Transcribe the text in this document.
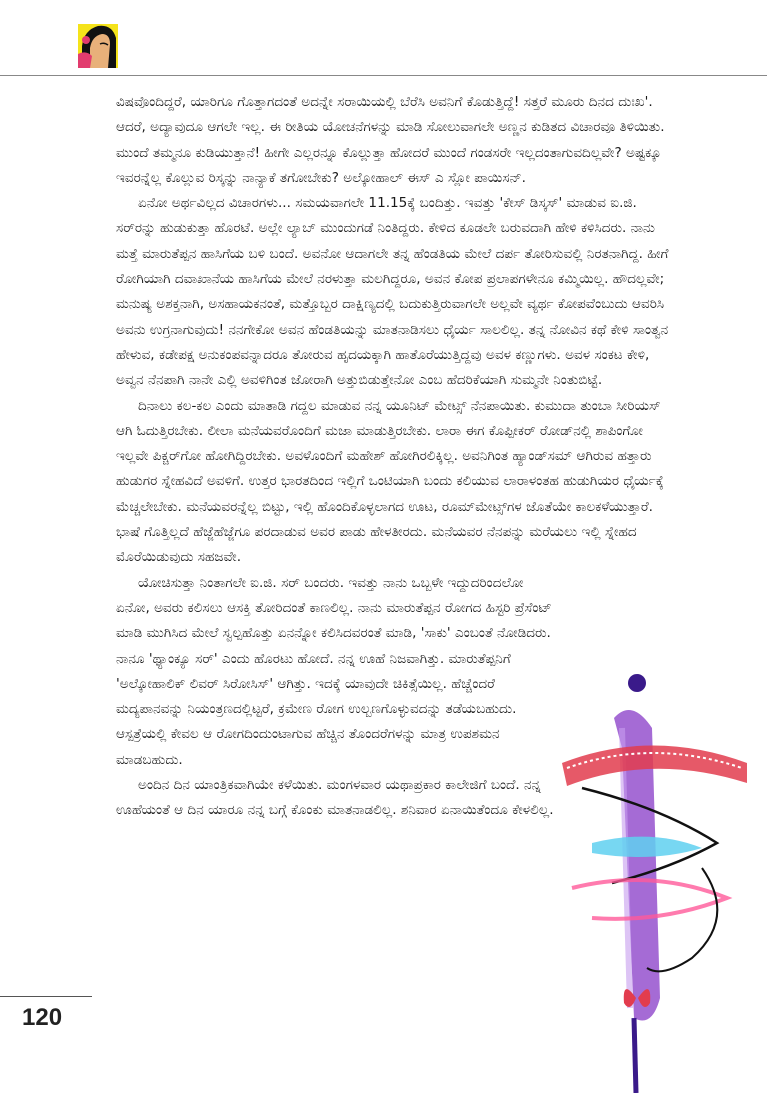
ವಿಷವೊಂದಿದ್ದರೆ, ಯಾರಿಗೂ ಗೊತ್ತಾಗದಂತೆ ಅದನ್ನೇ ಸರಾಯಿಯಲ್ಲಿ ಬೆರೆಸಿ ಅವನಿಗೆ ಕೊಡುತ್ತಿದ್ದೆ! ಸತ್ತರೆ ಮೂರು ದಿನದ ದುಃಖ'. ಆದರೆ, ಅದ್ಯಾವುದೂ ಆಗಲೇ ಇಲ್ಲ. ಈ ರೀತಿಯ ಯೋಚನೆಗಳನ್ನು ಮಾಡಿ ಸೋಲುವಾಗಲೇ ಅಣ್ಣನ ಕುಡಿತದ ವಿಚಾರವೂ ತಿಳಿಯಿತು. ಮುಂದೆ ತಮ್ಮನೂ ಕುಡಿಯುತ್ತಾನೆ! ಹೀಗೇ ಎಲ್ಲರನ್ನೂ ಕೊಲ್ಲುತ್ತಾ ಹೋದರೆ ಮುಂದೆ ಗಂಡಸರೇ ಇಲ್ಲದಂತಾಗುವದಿಲ್ಲವೇ? ಅಷ್ಟಕ್ಕೂ ಇವರನ್ನೆಲ್ಲ ಕೊಲ್ಲುವ ರಿಸ್ಕನ್ನು ನಾನ್ಯಾಕೆ ತಗೋಬೇಕು? ಅಲ್ಕೋಹಾಲ್ ಈಸ್ ಎ ಸ್ಲೋ ಪಾಯಿಸನ್.

ಏನೋ ಅರ್ಥವಿಲ್ಲದ ವಿಚಾರಗಳು... ಸಮಯವಾಗಲೇ 11.15ಕ್ಕೆ ಬಂದಿತ್ತು. ಇವತ್ತು 'ಕೇಸ್ ಡಿಸ್ಕಸ್' ಮಾಡುವ ಐ.ಜಿ. ಸರ್‌ರನ್ನು ಹುಡುಕುತ್ತಾ ಹೊರಟೆ. ಅಲ್ಲೇ ಲ್ಯಾಬ್ ಮುಂದುಗಡೆ ನಿಂತಿದ್ದರು. ಕೇಳಿದ ಕೂಡಲೇ ಬರುವದಾಗಿ ಹೇಳಿ ಕಳಿಸಿದರು. ನಾನು ಮತ್ತೆ ಮಾರುತೆಪ್ಪನ ಹಾಸಿಗೆಯ ಬಳಿ ಬಂದೆ. ಅವನೋ ಆದಾಗಲೇ ತನ್ನ ಹೆಂಡತಿಯ ಮೇಲೆ ದರ್ಪ ತೋರಿಸುವಲ್ಲಿ ನಿರತನಾಗಿದ್ದ. ಹೀಗೆ ರೋಗಿಯಾಗಿ ದವಾಖಾನೆಯ ಹಾಸಿಗೆಯ ಮೇಲೆ ನರಳುತ್ತಾ ಮಲಗಿದ್ದರೂ, ಅವನ ಕೋಪ ಪ್ರಲಾಪಗಳೇನೂ ಕಮ್ಮಿಯಿಲ್ಲ. ಹೌದಲ್ಲವೇ; ಮನುಷ್ಯ ಅಶಕ್ತನಾಗಿ, ಅಸಹಾಯಕನಂತೆ, ಮತ್ತೊಬ್ಬರ ದಾಕ್ಷಿಣ್ಯದಲ್ಲಿ ಬದುಕುತ್ತಿರುವಾಗಲೇ ಅಲ್ಲವೇ ವ್ಯರ್ಥ ಕೋಪವೆಂಬುದು ಆವರಿಸಿ ಅವನು ಉಗ್ರನಾಗುವುದು! ನನಗೇಕೋ ಅವನ ಹೆಂಡತಿಯನ್ನು ಮಾತನಾಡಿಸಲು ಧೈರ್ಯ ಸಾಲಲಿಲ್ಲ. ತನ್ನ ನೋವಿನ ಕಥೆ ಕೇಳಿ ಸಾಂತ್ವನ ಹೇಳುವ, ಕಡೇಪಕ್ಷ ಅನುಕಂಪವನ್ನಾದರೂ ತೋರುವ ಹೃದಯಕ್ಕಾಗಿ ಹಾತೊರೆಯುತ್ತಿದ್ದವು ಅವಳ ಕಣ್ಣುಗಳು. ಅವಳ ಸಂಕಟ ಕೇಳಿ, ಅವ್ವನ ನೆನಪಾಗಿ ನಾನೇ ಎಲ್ಲಿ ಅವಳಿಗಿಂತ ಜೋರಾಗಿ ಅತ್ತುಬಿಡುತ್ತೇನೋ ಎಂಬ ಹೆದರಿಕೆಯಾಗಿ ಸುಮ್ಮನೇ ನಿಂತುಬಿಟ್ಟೆ.

ದಿನಾಲು ಕಲ-ಕಲ ಎಂದು ಮಾತಾಡಿ ಗದ್ದಲ ಮಾಡುವ ನನ್ನ ಯೂನಿಟ್ ಮೇಟ್ಸ್ ನೆನಪಾಯಿತು. ಕುಮುದಾ ತುಂಬಾ ಸೀರಿಯಸ್ ಆಗಿ ಓದುತ್ತಿರಬೇಕು. ಲೀಲಾ ಮನೆಯವರೊಂದಿಗೆ ಮಜಾ ಮಾಡುತ್ತಿರಬೇಕು. ಲಾರಾ ಈಗ ಕೊಪ್ಪೀಕರ್ ರೋಡ್‌ನಲ್ಲಿ ಶಾಪಿಂಗೋ ಇಲ್ಲವೇ ಪಿಕ್ಚರ್‌ಗೋ ಹೋಗಿದ್ದಿರಬೇಕು. ಅವಳೊಂದಿಗೆ ಮಹೇಶ್ ಹೋಗಿರಲಿಕ್ಕಿಲ್ಲ. ಅವನಿಗಿಂತ ಹ್ಯಾಂಡ್‌ಸಮ್ ಆಗಿರುವ ಹತ್ತಾರು ಹುಡುಗರ ಸ್ನೇಹವಿದೆ ಅವಳಿಗೆ. ಉತ್ತರ ಭಾರತದಿಂದ ಇಲ್ಲಿಗೆ ಒಂಟಿಯಾಗಿ ಬಂದು ಕಲಿಯುವ ಲಾರಾಳಂತಹ ಹುಡುಗಿಯರ ಧೈರ್ಯಕ್ಕೆ ಮೆಚ್ಚಲೇಬೇಕು. ಮನೆಯವರನ್ನೆಲ್ಲ ಬಿಟ್ಟು, ಇಲ್ಲಿ ಹೊಂದಿಕೊಳ್ಳಲಾಗದ ಊಟ, ರೂಮ್‌ಮೇಟ್ಸ್‌ಗಳ ಜೊತೆಯೇ ಕಾಲಕಳೆಯುತ್ತಾರೆ. ಭಾಷೆ ಗೊತ್ತಿಲ್ಲದೆ ಹೆಜ್ಜೆಹೆಜ್ಜೆಗೂ ಪರದಾಡುವ ಅವರ ಪಾಡು ಹೇಳತೀರದು. ಮನೆಯವರ ನೆನಪನ್ನು ಮರೆಯಲು ಇಲ್ಲಿ ಸ್ನೇಹದ ಮೊರೆಯಿಡುವುದು ಸಹಜವೇ.

ಯೋಚಿಸುತ್ತಾ ನಿಂತಾಗಲೇ ಐ.ಜಿ. ಸರ್ ಬಂದರು. ಇವತ್ತು ನಾನು ಒಬ್ಬಳೇ ಇದ್ದುದರಿಂದಲೋ ಏನೋ, ಅವರು ಕಲಿಸಲು ಆಸಕ್ತಿ ತೋರಿದಂತೆ ಕಾಣಲಿಲ್ಲ. ನಾನು ಮಾರುತೆಪ್ಪನ ರೋಗದ ಹಿಸ್ಟರಿ ಪ್ರೆಸೆಂಟ್ ಮಾಡಿ ಮುಗಿಸಿದ ಮೇಲೆ ಸ್ವಲ್ಪಹೊತ್ತು ಏನನ್ನೋ ಕಲಿಸಿದವರಂತೆ ಮಾಡಿ, 'ಸಾಕು' ಎಂಬಂತೆ ನೋಡಿದರು. ನಾನೂ 'ಥ್ಯಾಂಕ್ಯೂ ಸರ್' ಎಂದು ಹೊರಟು ಹೋದೆ. ನನ್ನ ಊಹೆ ನಿಜವಾಗಿತ್ತು. ಮಾರುತೆಪ್ಪನಿಗೆ 'ಅಲ್ಕೋಹಾಲಿಕ್ ಲಿವರ್ ಸಿರೋಸಿಸ್' ಆಗಿತ್ತು. ಇದಕ್ಕೆ ಯಾವುದೇ ಚಿಕಿತ್ಸೆಯಿಲ್ಲ. ಹೆಚ್ಚೆಂದರೆ ಮದ್ಯಪಾನವನ್ನು ನಿಯಂತ್ರಣದಲ್ಲಿಟ್ಟರೆ, ಕ್ರಮೇಣ ರೋಗ ಉಲ್ಬಣಗೊಳ್ಳುವದನ್ನು ತಡೆಯಬಹುದು. ಆಸ್ಪತ್ರೆಯಲ್ಲಿ ಕೇವಲ ಆ ರೋಗದಿಂದುಂಟಾಗುವ ಹೆಚ್ಚಿನ ತೊಂದರೆಗಳನ್ನು ಮಾತ್ರ ಉಪಶಮನ ಮಾಡಬಹುದು.

ಅಂದಿನ ದಿನ ಯಾಂತ್ರಿಕವಾಗಿಯೇ ಕಳೆಯಿತು. ಮಂಗಳವಾರ ಯಥಾಪ್ರಕಾರ ಕಾಲೇಜಿಗೆ ಬಂದೆ. ನನ್ನ ಊಹೆಯಂತೆ ಆ ದಿನ ಯಾರೂ ನನ್ನ ಬಗ್ಗೆ ಕೊಂಕು ಮಾತನಾಡಲಿಲ್ಲ. ಶನಿವಾರ ಏನಾಯಿತೆಂದೂ ಕೇಳಲಿಲ್ಲ.

120
